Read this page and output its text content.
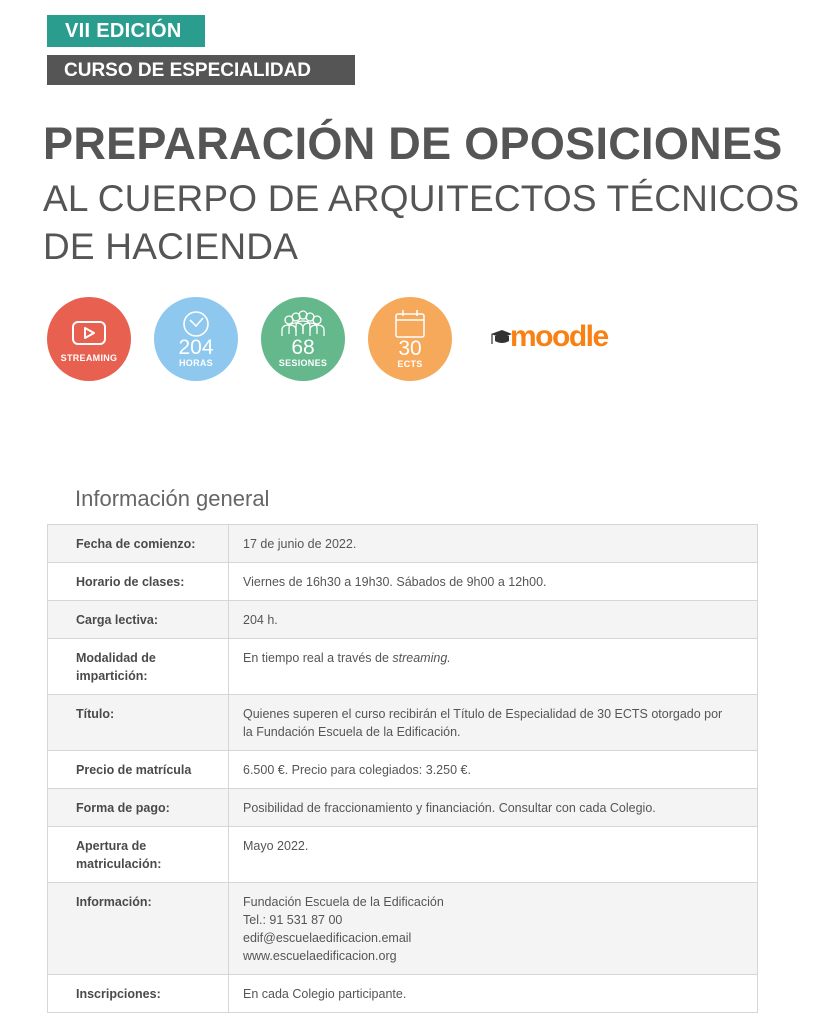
VII EDICIÓN
CURSO DE ESPECIALIDAD
PREPARACIÓN DE OPOSICIONES
AL CUERPO DE ARQUITECTOS TÉCNICOS
DE HACIENDA
STREAMING	204
HORAS
68
SESIONES
30
ECTS
moodle
Información general
Fecha de comienzo:	17 de junio de 2022.
Horario de clases:	Viernes de 16h30 a 19h30. Sábados de 9h00 a 12h00.
Carga lectiva:	204 h.
Modalidad de impartición:	En tiempo real a través de streaming.
Título:	Quienes superen el curso recibirán el Título de Especialidad de 30 ECTS otorgado por la Fundación Escuela de la Edificación.
Precio de matrícula	6.500 €. Precio para colegiados: 3.250 €.
Forma de pago:	Posibilidad de fraccionamiento y financiación. Consultar con cada Colegio.
Apertura de matriculación:	Mayo 2022.
Información:	Fundación Escuela de la Edificación
Tel.: 91 531 87 00
edif@escuelaedificacion.email
www.escuelaedificacion.org

Inscripciones:	En cada Colegio participante.
